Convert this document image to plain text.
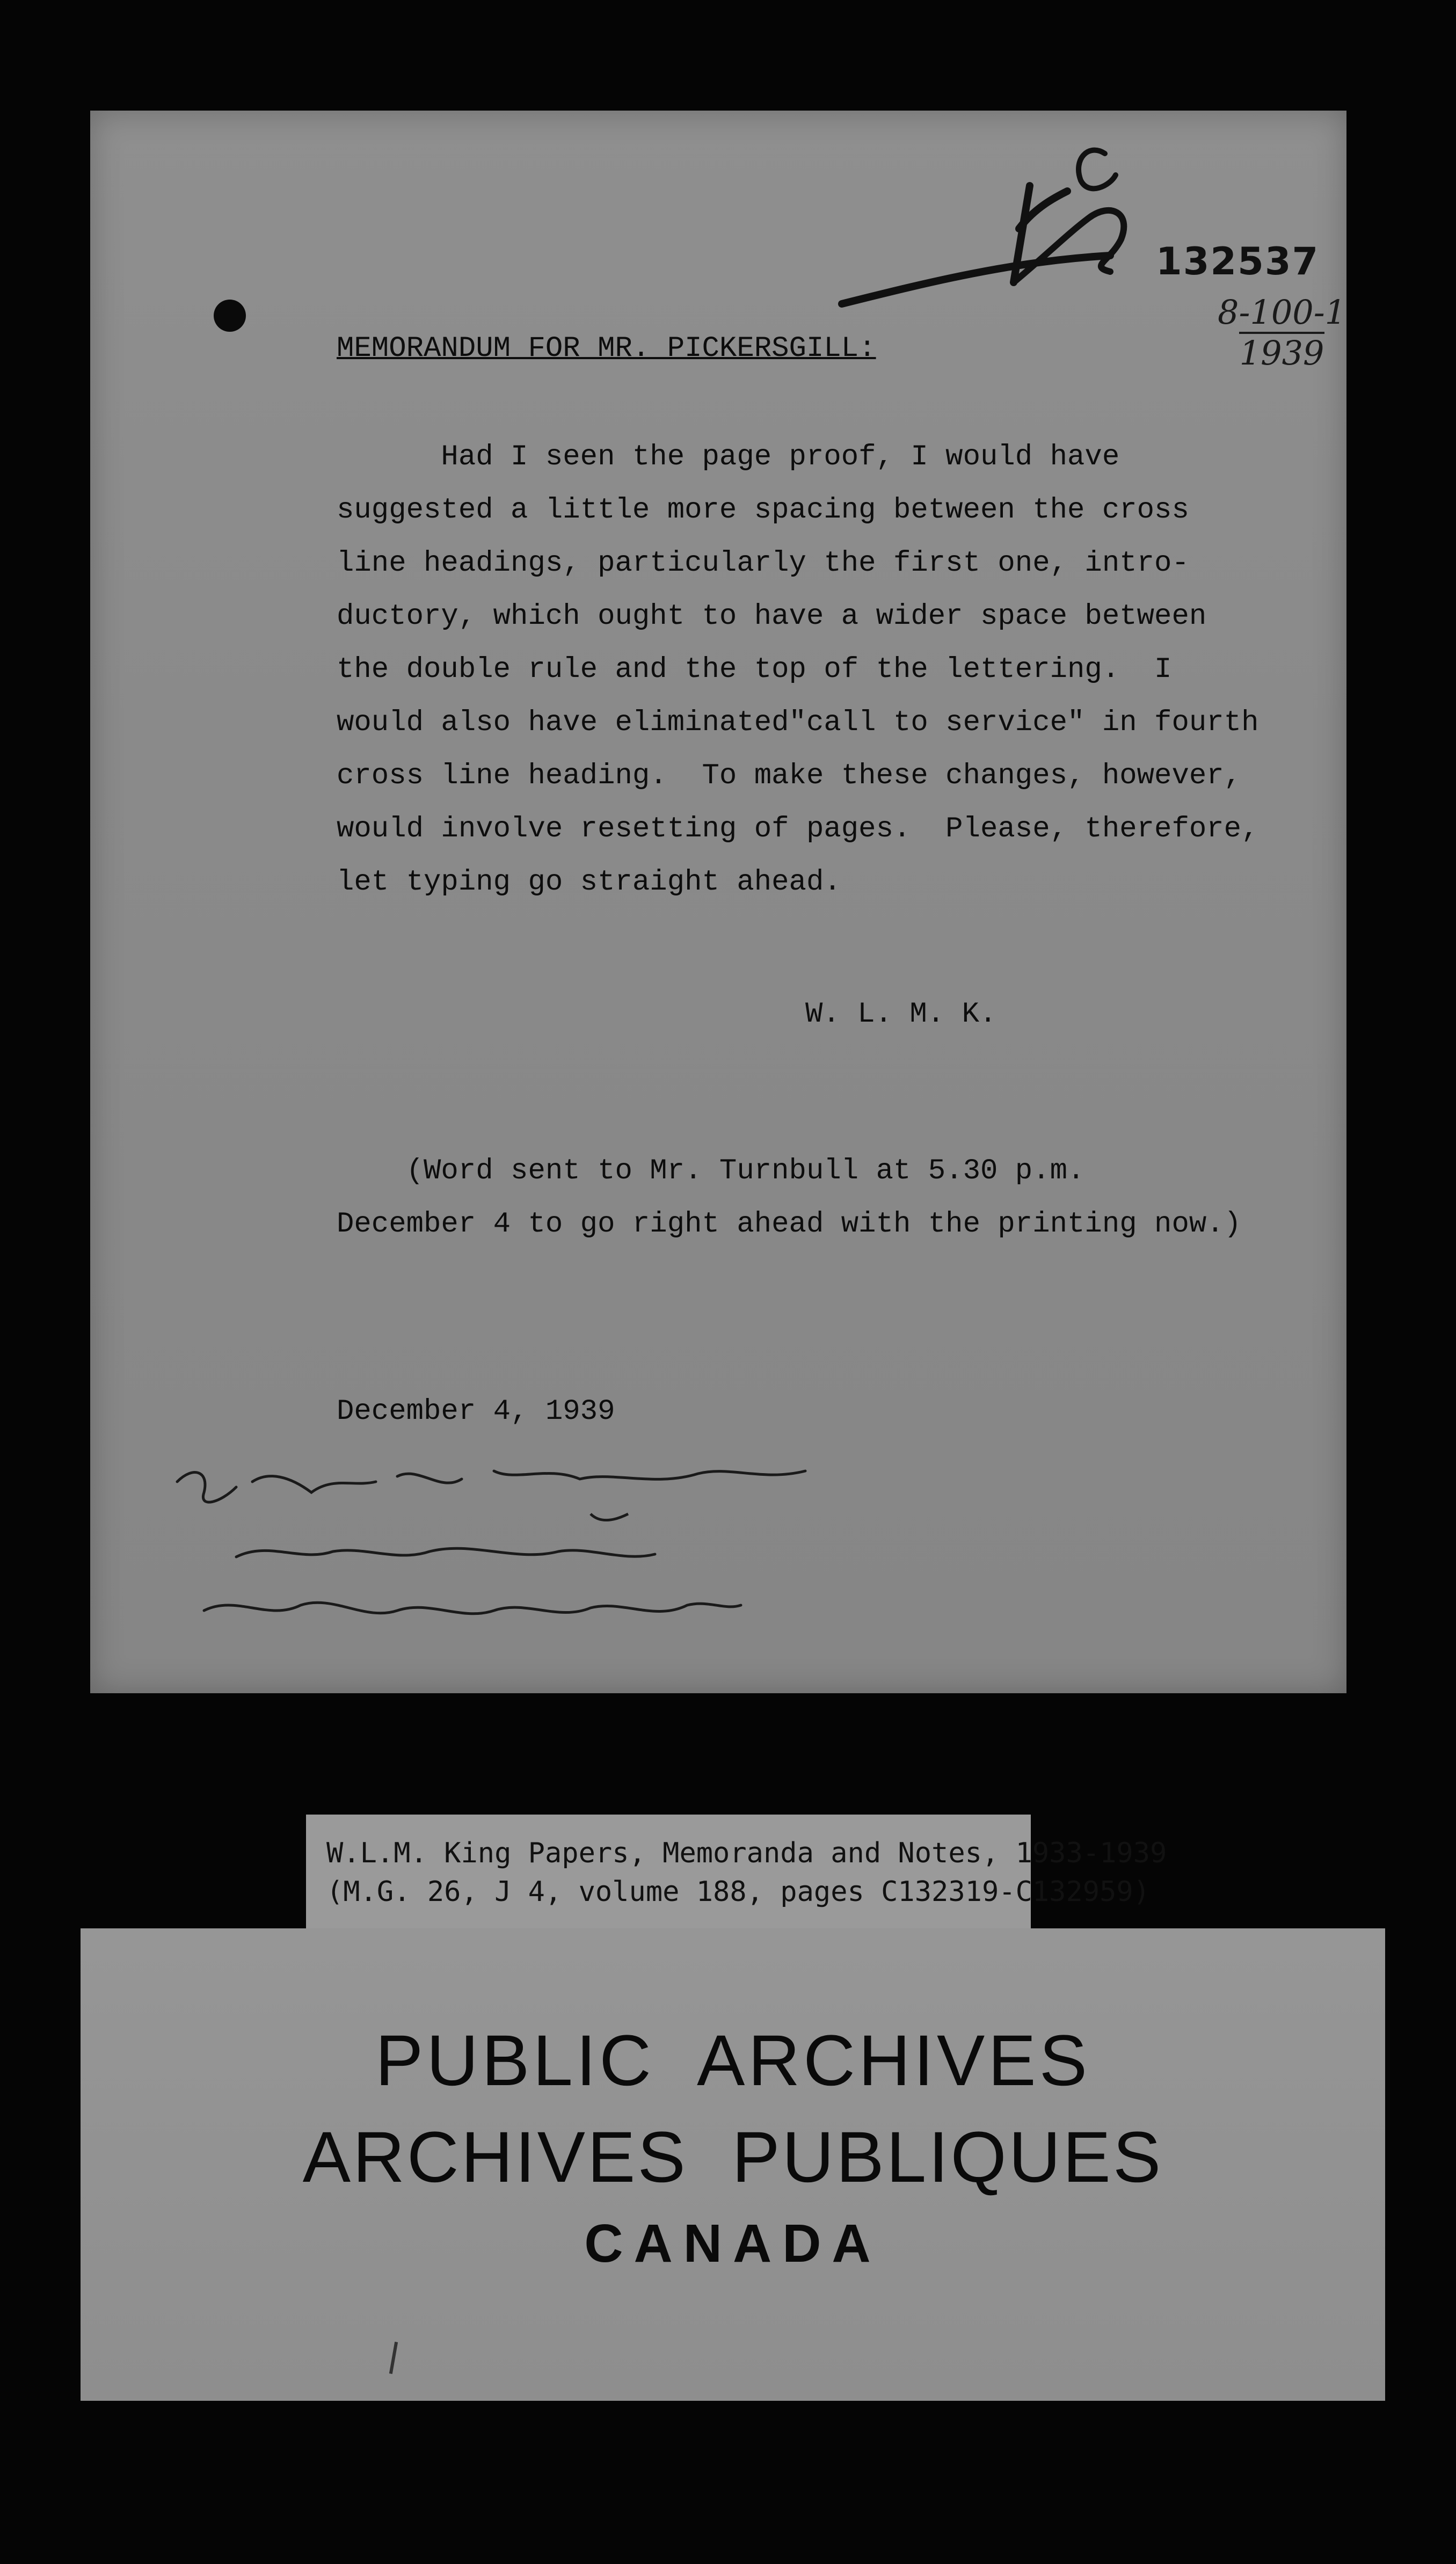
132537
8-100-1
1939
MEMORANDUM FOR MR. PICKERSGILL:
Had I seen the page proof, I would have
suggested a little more spacing between the cross
line headings, particularly the first one, intro-
ductory, which ought to have a wider space between
the double rule and the top of the lettering.  I
would also have eliminated"call to service" in fourth
cross line heading.  To make these changes, however,
would involve resetting of pages.  Please, therefore,
let typing go straight ahead.
W. L. M. K.
(Word sent to Mr. Turnbull at 5.30 p.m.
December 4 to go right ahead with the printing now.)
December 4, 1939
W.L.M. King Papers, Memoranda and Notes, 1933-1939
(M.G. 26, J 4, volume 188, pages C132319-C132959)
PUBLIC  ARCHIVES
ARCHIVES  PUBLIQUES
CANADA
